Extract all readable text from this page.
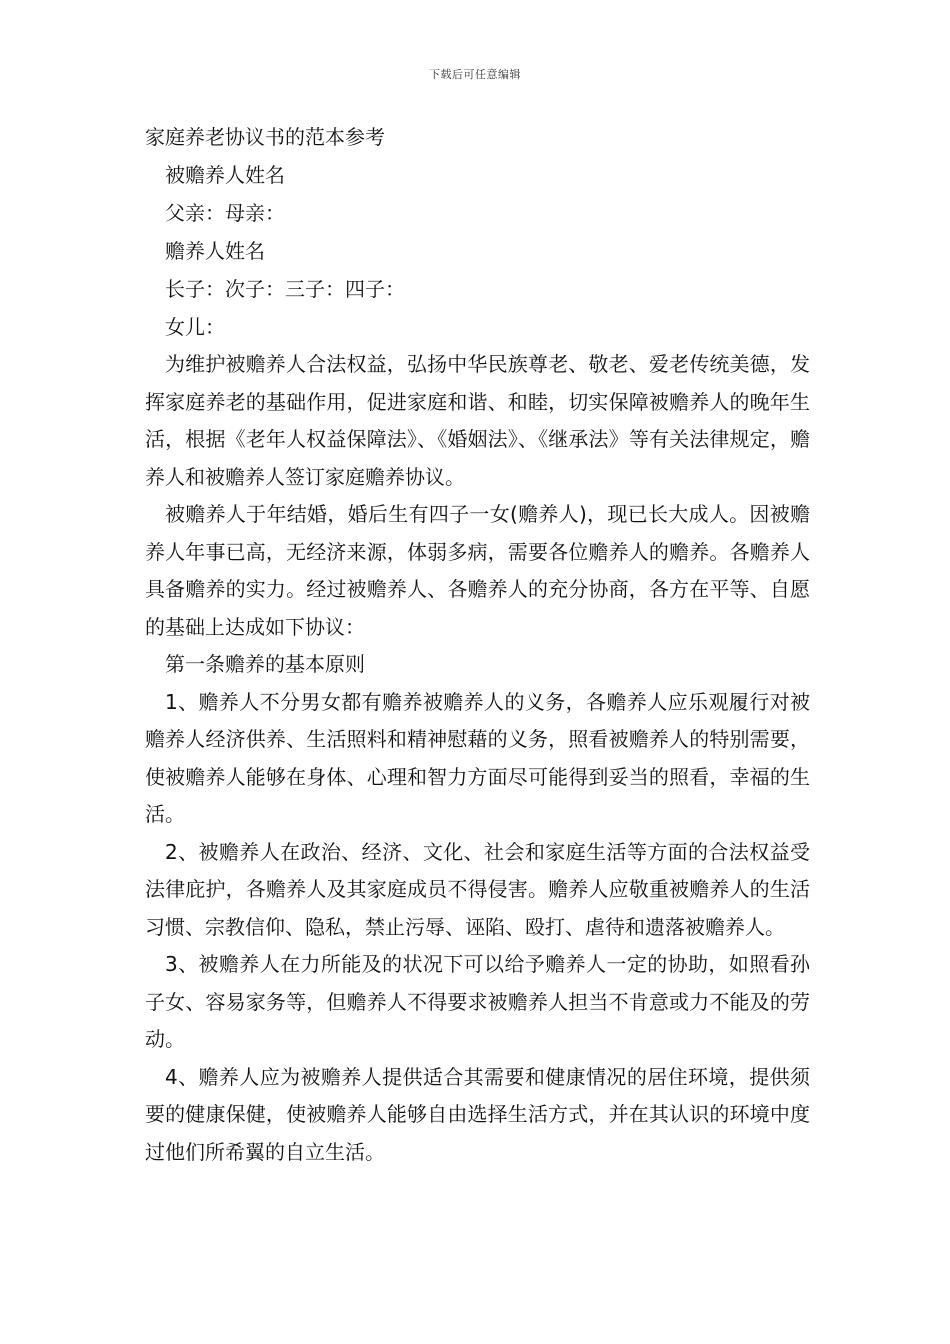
下载后可任意编辑

家庭养老协议书的范本参考

被赡养人姓名

父亲：母亲：

赡养人姓名

长子：次子：三子：四子：

女儿：

为维护被赡养人合法权益，弘扬中华民族尊老、敬老、爱老传统美德，发挥家庭养老的基础作用，促进家庭和谐、和睦，切实保障被赡养人的晚年生活，根据《老年人权益保障法》、《婚姻法》、《继承法》等有关法律规定，赡养人和被赡养人签订家庭赡养协议。

被赡养人于年结婚，婚后生有四子一女(赡养人)，现已长大成人。因被赡养人年事已高，无经济来源，体弱多病，需要各位赡养人的赡养。各赡养人具备赡养的实力。经过被赡养人、各赡养人的充分协商，各方在平等、自愿的基础上达成如下协议：

第一条赡养的基本原则

1、赡养人不分男女都有赡养被赡养人的义务，各赡养人应乐观履行对被赡养人经济供养、生活照料和精神慰藉的义务，照看被赡养人的特别需要，使被赡养人能够在身体、心理和智力方面尽可能得到妥当的照看，幸福的生活。

2、被赡养人在政治、经济、文化、社会和家庭生活等方面的合法权益受法律庇护，各赡养人及其家庭成员不得侵害。赡养人应敬重被赡养人的生活习惯、宗教信仰、隐私，禁止污辱、诬陷、殴打、虐待和遗落被赡养人。

3、被赡养人在力所能及的状况下可以给予赡养人一定的协助，如照看孙子女、容易家务等，但赡养人不得要求被赡养人担当不肯意或力不能及的劳动。

4、赡养人应为被赡养人提供适合其需要和健康情况的居住环境，提供须要的健康保健，使被赡养人能够自由选择生活方式，并在其认识的环境中度过他们所希翼的自立生活。
